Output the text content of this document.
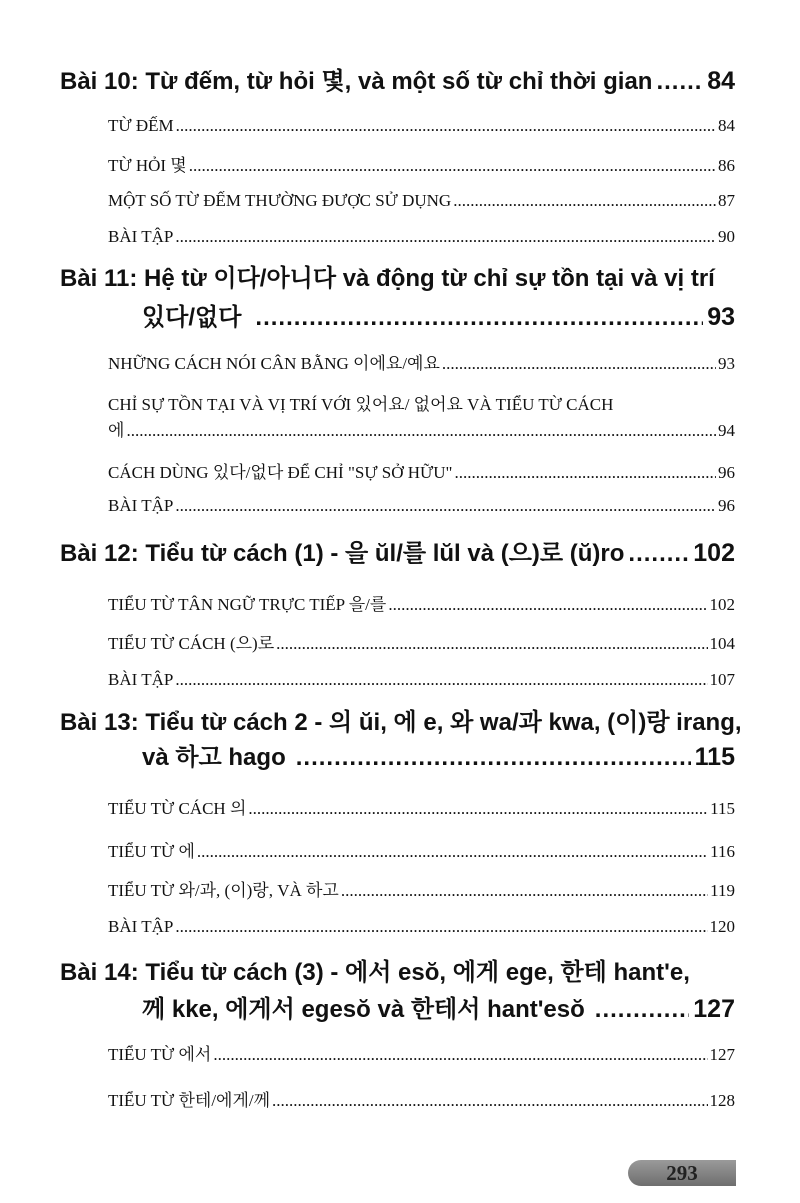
Bài 10: Từ đếm, từ hỏi 몇, và một số từ chỉ thời gian ..... 84
TỪ ĐẾM .....	84
TỪ HỎI 몇 .....	86
MỘT SỐ TỪ ĐẾM THƯỜNG ĐƯỢC SỬ DỤNG .....	87
BÀI TẬP .....	90
Bài 11: Hệ từ 이다/아니다 và động từ chỉ sự tồn tại và vị trí
있다/없다 .....	93
NHỮNG CÁCH NÓI CÂN BẰNG 이에요/예요 .....	93
CHỈ SỰ TỒN TẠI VÀ VỊ TRÍ VỚI 있어요/ 없어요 VÀ TIỂU TỪ CÁCH
에 .....	94
CÁCH DÙNG 있다/없다 ĐỂ CHỈ "SỰ SỞ HỮU" .....	96
BÀI TẬP .....	96
Bài 12: Tiểu từ cách (1) - 을 ŭl/를 lŭl và (으)로 (ŭ)ro .....	102
TIỂU TỪ TÂN NGỮ TRỰC TIẾP 을/를 .....	102
TIỂU TỪ CÁCH (으)로 .....	104
BÀI TẬP .....	107
Bài 13: Tiểu từ cách 2 - 의 ŭi, 에 e, 와 wa/과 kwa, (이)랑 irang,
và 하고 hago .....	115
TIỂU TỪ CÁCH 의 .....	115
TIỂU TỪ 에 .....	116
TIỂU TỪ 와/과, (이)랑, VÀ 하고 .....	119
BÀI TẬP .....	120
Bài 14: Tiểu từ cách (3) - 에서 esŏ, 에게 ege, 한테 hant'e,
께 kke, 에게서 egesŏ và 한테서 hant'esŏ .....	127
TIỂU TỪ 에서 .....	127
TIỂU TỪ 한테/에게/께 .....	128
293
